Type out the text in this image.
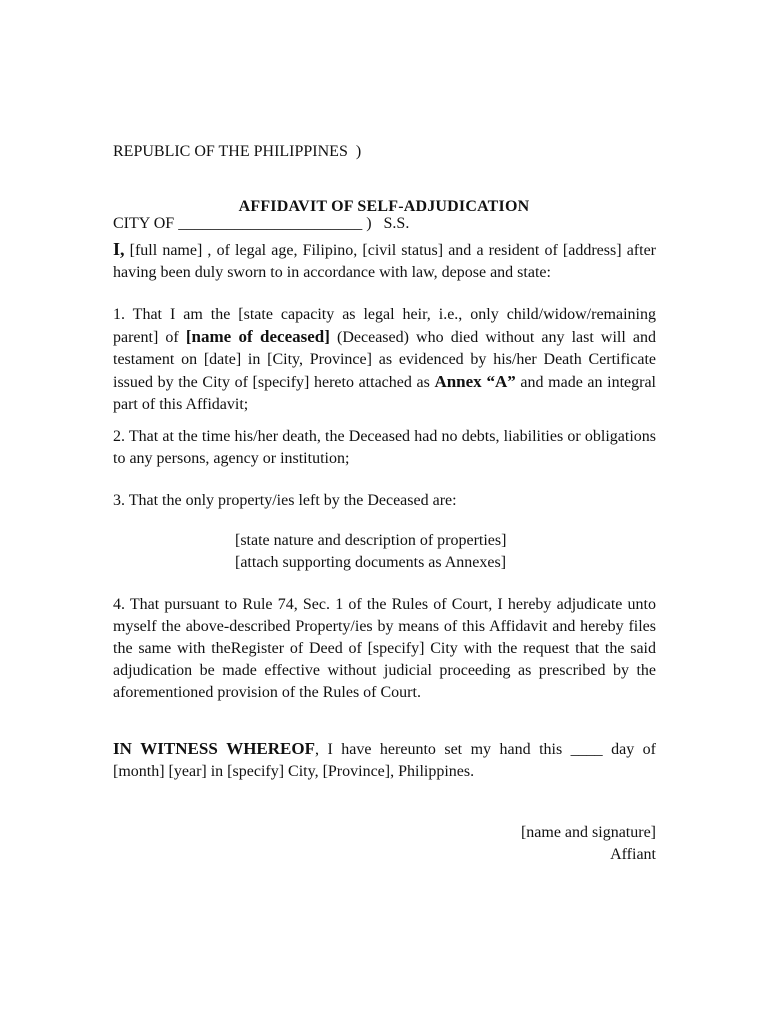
REPUBLIC OF THE PHILIPPINES  )

CITY OF _______________________ )   S.S.

AFFIDAVIT OF SELF-ADJUDICATION
I, [full name] , of legal age, Filipino, [civil status] and a resident of [address] after having been duly sworn to in accordance with law, depose and state:
1. That I am the [state capacity as legal heir, i.e., only child/widow/remaining parent] of [name of deceased] (Deceased) who died without any last will and testament on [date] in [City, Province] as evidenced by his/her Death Certificate issued by the City of [specify] hereto attached as Annex “A” and made an integral part of this Affidavit;
2. That at the time his/her death, the Deceased had no debts, liabilities or obligations to any persons, agency or institution;
3. That the only property/ies left by the Deceased are:
[state nature and description of properties]
[attach supporting documents as Annexes]
4. That pursuant to Rule 74, Sec. 1 of the Rules of Court, I hereby adjudicate unto myself the above-described Property/ies by means of this Affidavit and hereby files the same with theRegister of Deed of [specify] City with the request that the said adjudication be made effective without judicial proceeding as prescribed by the aforementioned provision of the Rules of Court.
IN WITNESS WHEREOF, I have hereunto set my hand this ____ day of [month] [year] in [specify] City, [Province], Philippines.
[name and signature]
Affiant
